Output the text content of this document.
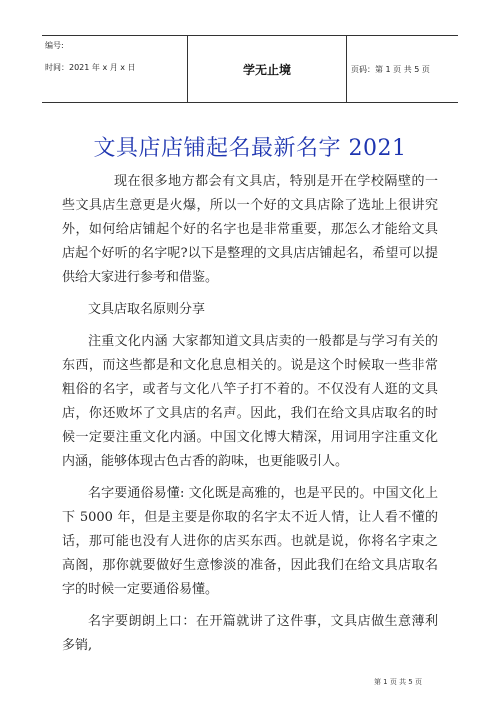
编号:
时间：2021 年 x 月 x 日	学无止境	页码：第 1 页 共 5 页
文具店店铺起名最新名字 2021

现在很多地方都会有文具店，特别是开在学校隔壁的一些文具店生意更是火爆，所以一个好的文具店除了选址上很讲究外，如何给店铺起个好的名字也是非常重要，那怎么才能给文具店起个好听的名字呢?以下是整理的文具店店铺起名，希望可以提供给大家进行参考和借鉴。

文具店取名原则分享

注重文化内涵 大家都知道文具店卖的一般都是与学习有关的东西，而这些都是和文化息息相关的。说是这个时候取一些非常粗俗的名字，或者与文化八竿子打不着的。不仅没有人逛的文具店，你还败坏了文具店的名声。因此，我们在给文具店取名的时候一定要注重文化内涵。中国文化博大精深，用词用字注重文化内涵，能够体现古色古香的韵味，也更能吸引人。

名字要通俗易懂: 文化既是高雅的，也是平民的。中国文化上下 5000 年，但是主要是你取的名字太不近人情，让人看不懂的话，那可能也没有人进你的店买东西。也就是说，你将名字束之高阁，那你就要做好生意惨淡的准备，因此我们在给文具店取名字的时候一定要通俗易懂。

名字要朗朗上口：在开篇就讲了这件事，文具店做生意薄利多销,

第 1 页 共 5 页
